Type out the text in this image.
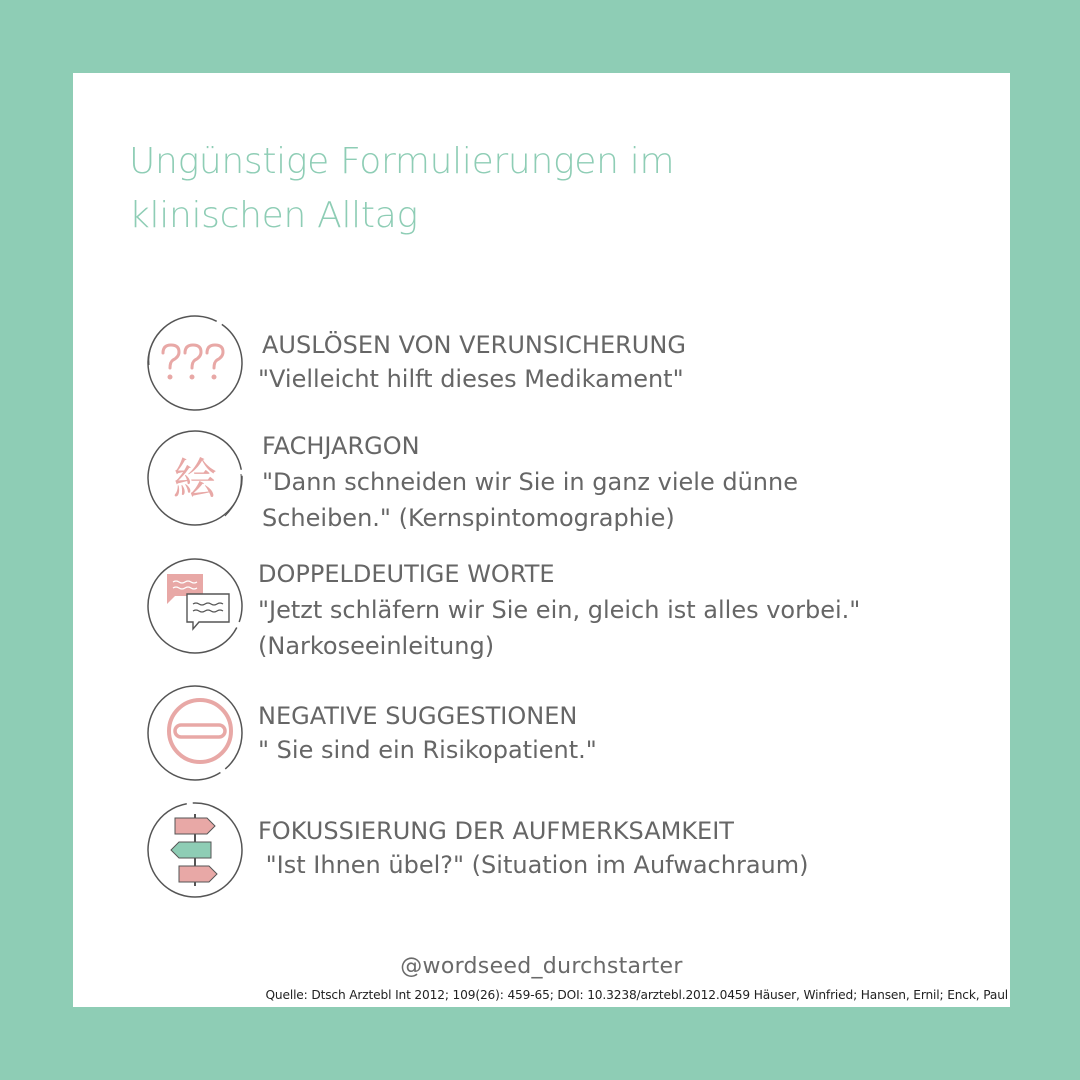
Ungünstige Formulierungen im
klinischen Alltag
AUSLÖSEN VON VERUNSICHERUNG
"Vielleicht hilft dieses Medikament"
絵
FACHJARGON
"Dann schneiden wir Sie in ganz viele dünne
Scheiben." (Kernspintomographie)
DOPPELDEUTIGE WORTE
"Jetzt schläfern wir Sie ein, gleich ist alles vorbei."
(Narkoseeinleitung)
NEGATIVE SUGGESTIONEN
" Sie sind ein Risikopatient."
FOKUSSIERUNG DER AUFMERKSAMKEIT
"Ist Ihnen übel?" (Situation im Aufwachraum)
@wordseed_durchstarter
Quelle: Dtsch Arztebl Int 2012; 109(26): 459-65; DOI: 10.3238/arztebl.2012.0459 Häuser, Winfried; Hansen, Ernil; Enck, Paul
